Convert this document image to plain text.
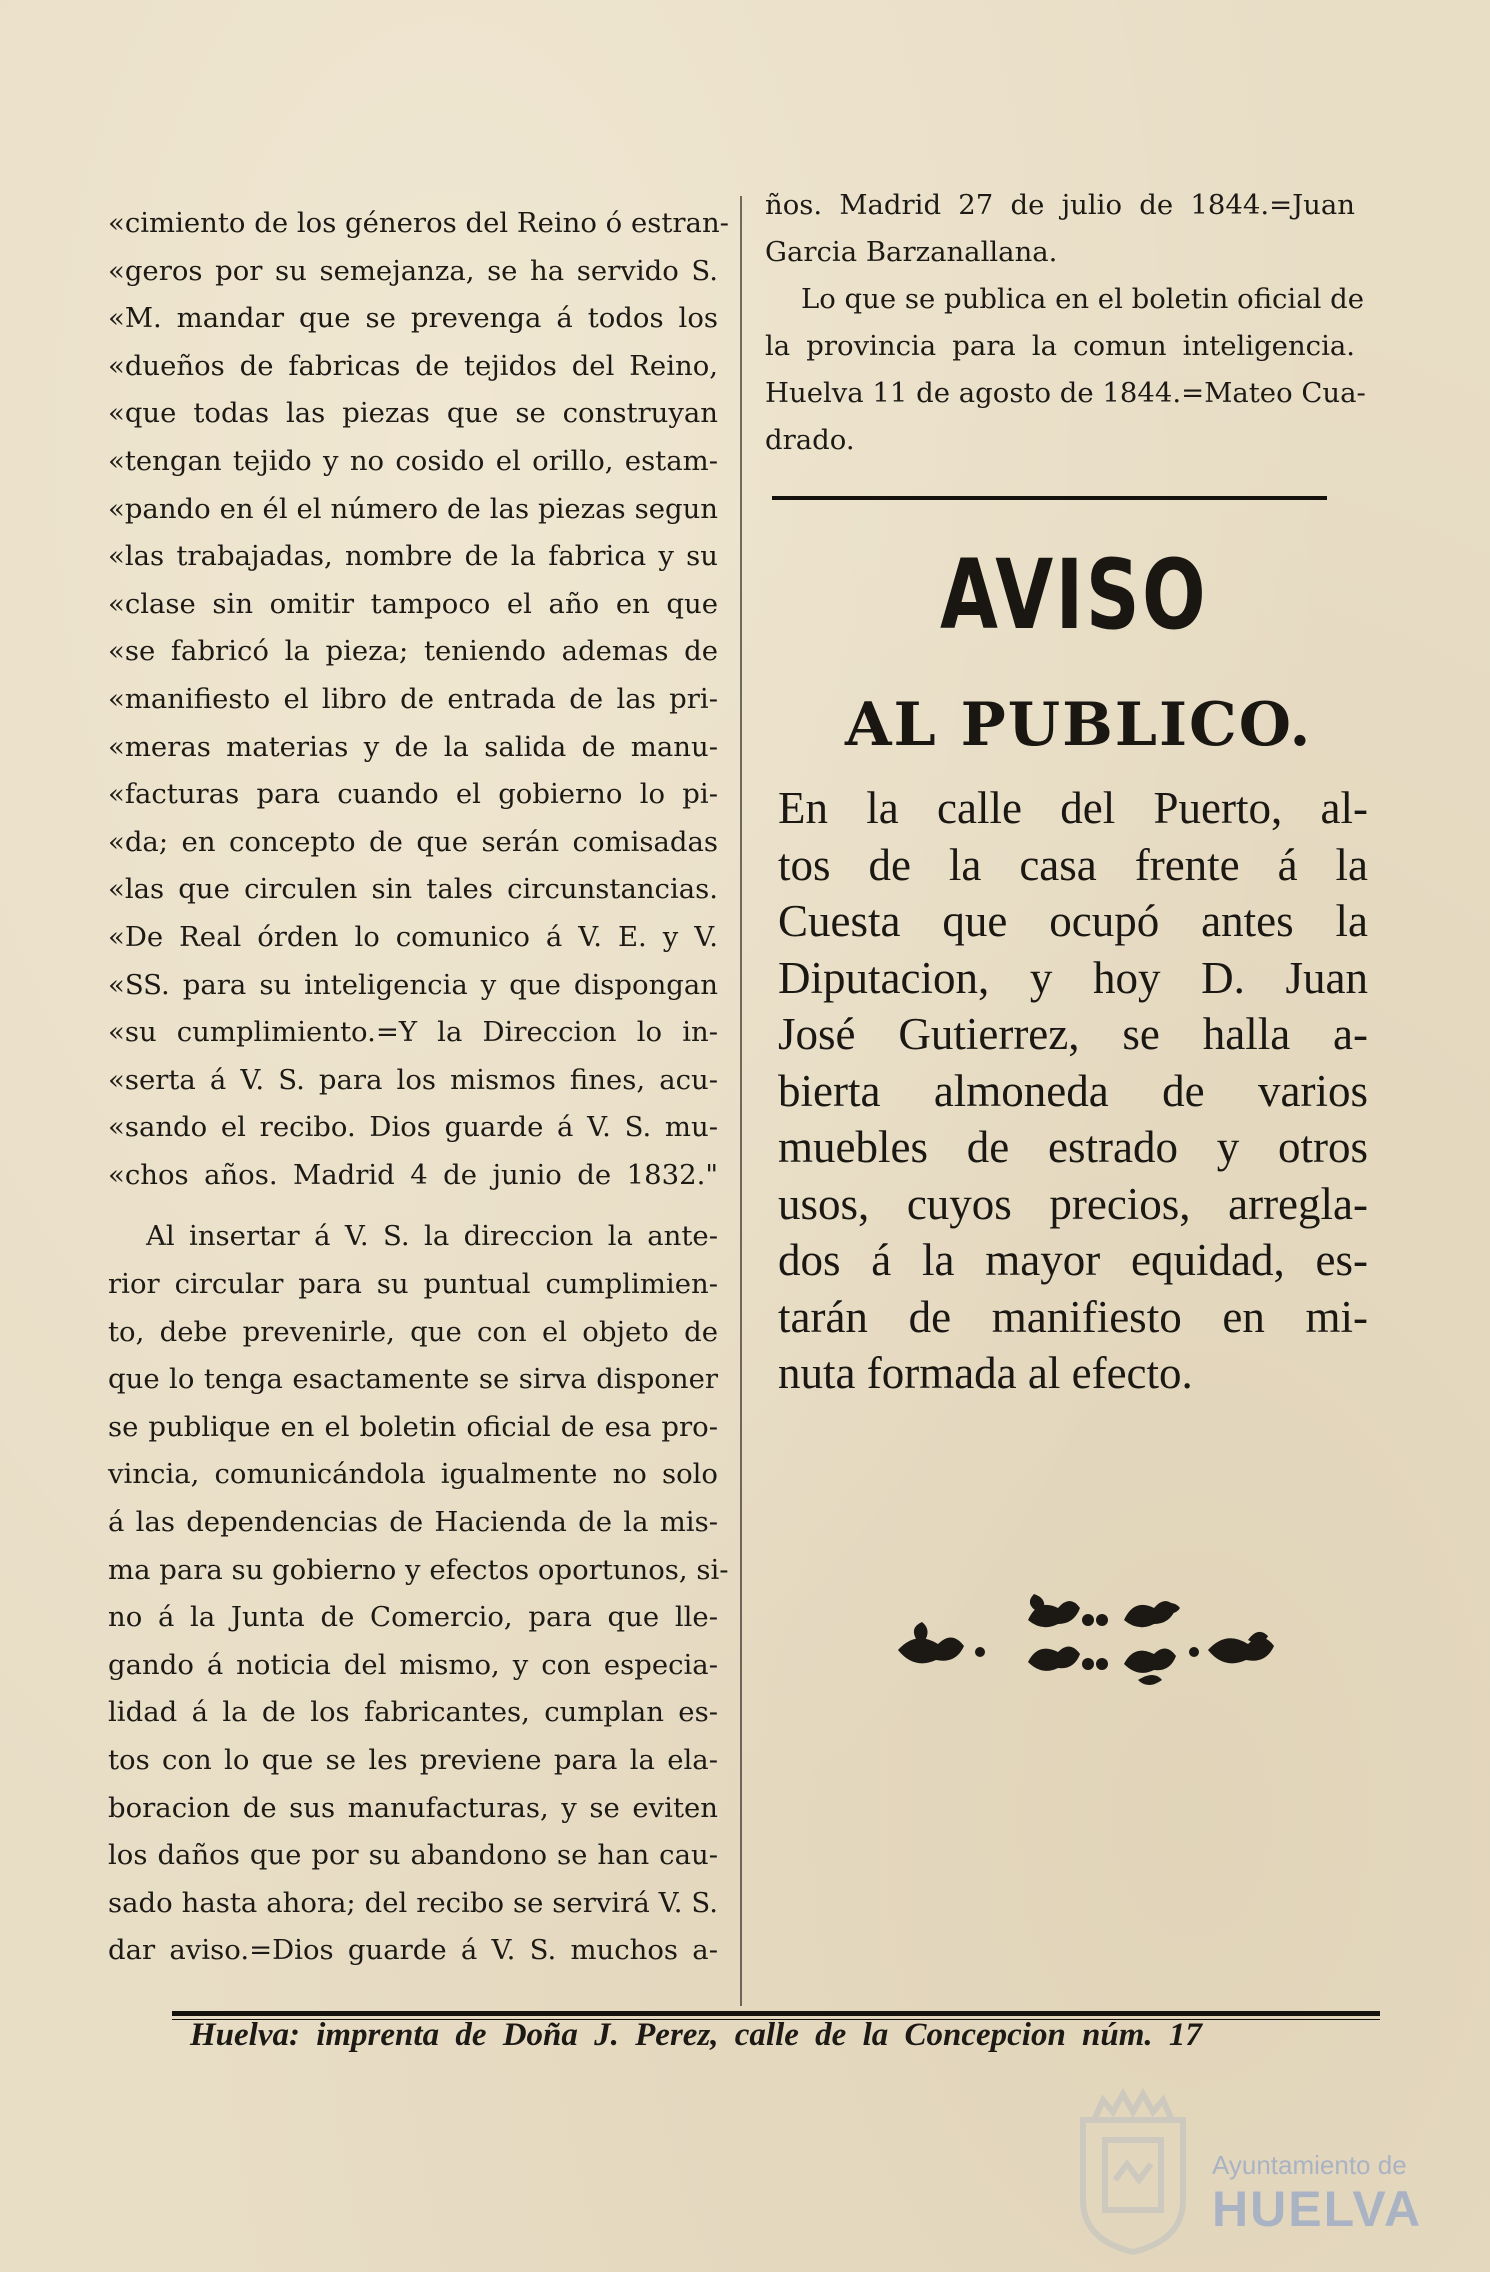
«cimiento de los géneros del Reino ó estran-
«geros por su semejanza, se ha servido S.
«M. mandar que se prevenga á todos los
«dueños de fabricas de tejidos del Reino,
«que todas las piezas que se construyan
«tengan tejido y no cosido el orillo, estam-
«pando en él el número de las piezas segun
«las trabajadas, nombre de la fabrica y su
«clase sin omitir tampoco el año en que
«se fabricó la pieza; teniendo ademas de
«manifiesto el libro de entrada de las pri-
«meras materias y de la salida de manu-
«facturas para cuando el gobierno lo pi-
«da; en concepto de que serán comisadas
«las que circulen sin tales circunstancias.
«De Real órden lo comunico á V. E. y V.
«SS. para su inteligencia y que dispongan
«su cumplimiento.=Y la Direccion lo in-
«serta á V. S. para los mismos fines, acu-
«sando el recibo. Dios guarde á V. S. mu-
«chos años. Madrid 4 de junio de 1832."
Al insertar á V. S. la direccion la ante-
rior circular para su puntual cumplimien-
to, debe prevenirle, que con el objeto de
que lo tenga esactamente se sirva disponer
se publique en el boletin oficial de esa pro-
vincia, comunicándola igualmente no solo
á las dependencias de Hacienda de la mis-
ma para su gobierno y efectos oportunos, si-
no á la Junta de Comercio, para que lle-
gando á noticia del mismo, y con especia-
lidad á la de los fabricantes, cumplan es-
tos con lo que se les previene para la ela-
boracion de sus manufacturas, y se eviten
los daños que por su abandono se han cau-
sado hasta ahora; del recibo se servirá V. S.
dar aviso.=Dios guarde á V. S. muchos a-
ños. Madrid 27 de julio de 1844.=Juan
Garcia Barzanallana.
Lo que se publica en el boletin oficial de
la provincia para la comun inteligencia.
Huelva 11 de agosto de 1844.=Mateo Cua-
drado.
AVISO
AL PUBLICO.
En la calle del Puerto, al-
tos de la casa frente á la
Cuesta que ocupó antes la
Diputacion, y hoy D. Juan
José Gutierrez, se halla a-
bierta almoneda de varios
muebles de estrado y otros
usos, cuyos precios, arregla-
dos á la mayor equidad, es-
tarán de manifiesto en mi-
nuta formada al efecto.
Huelva: imprenta de Doña J. Perez, calle de la Concepcion núm. 17
Ayuntamiento de
HUELVA
